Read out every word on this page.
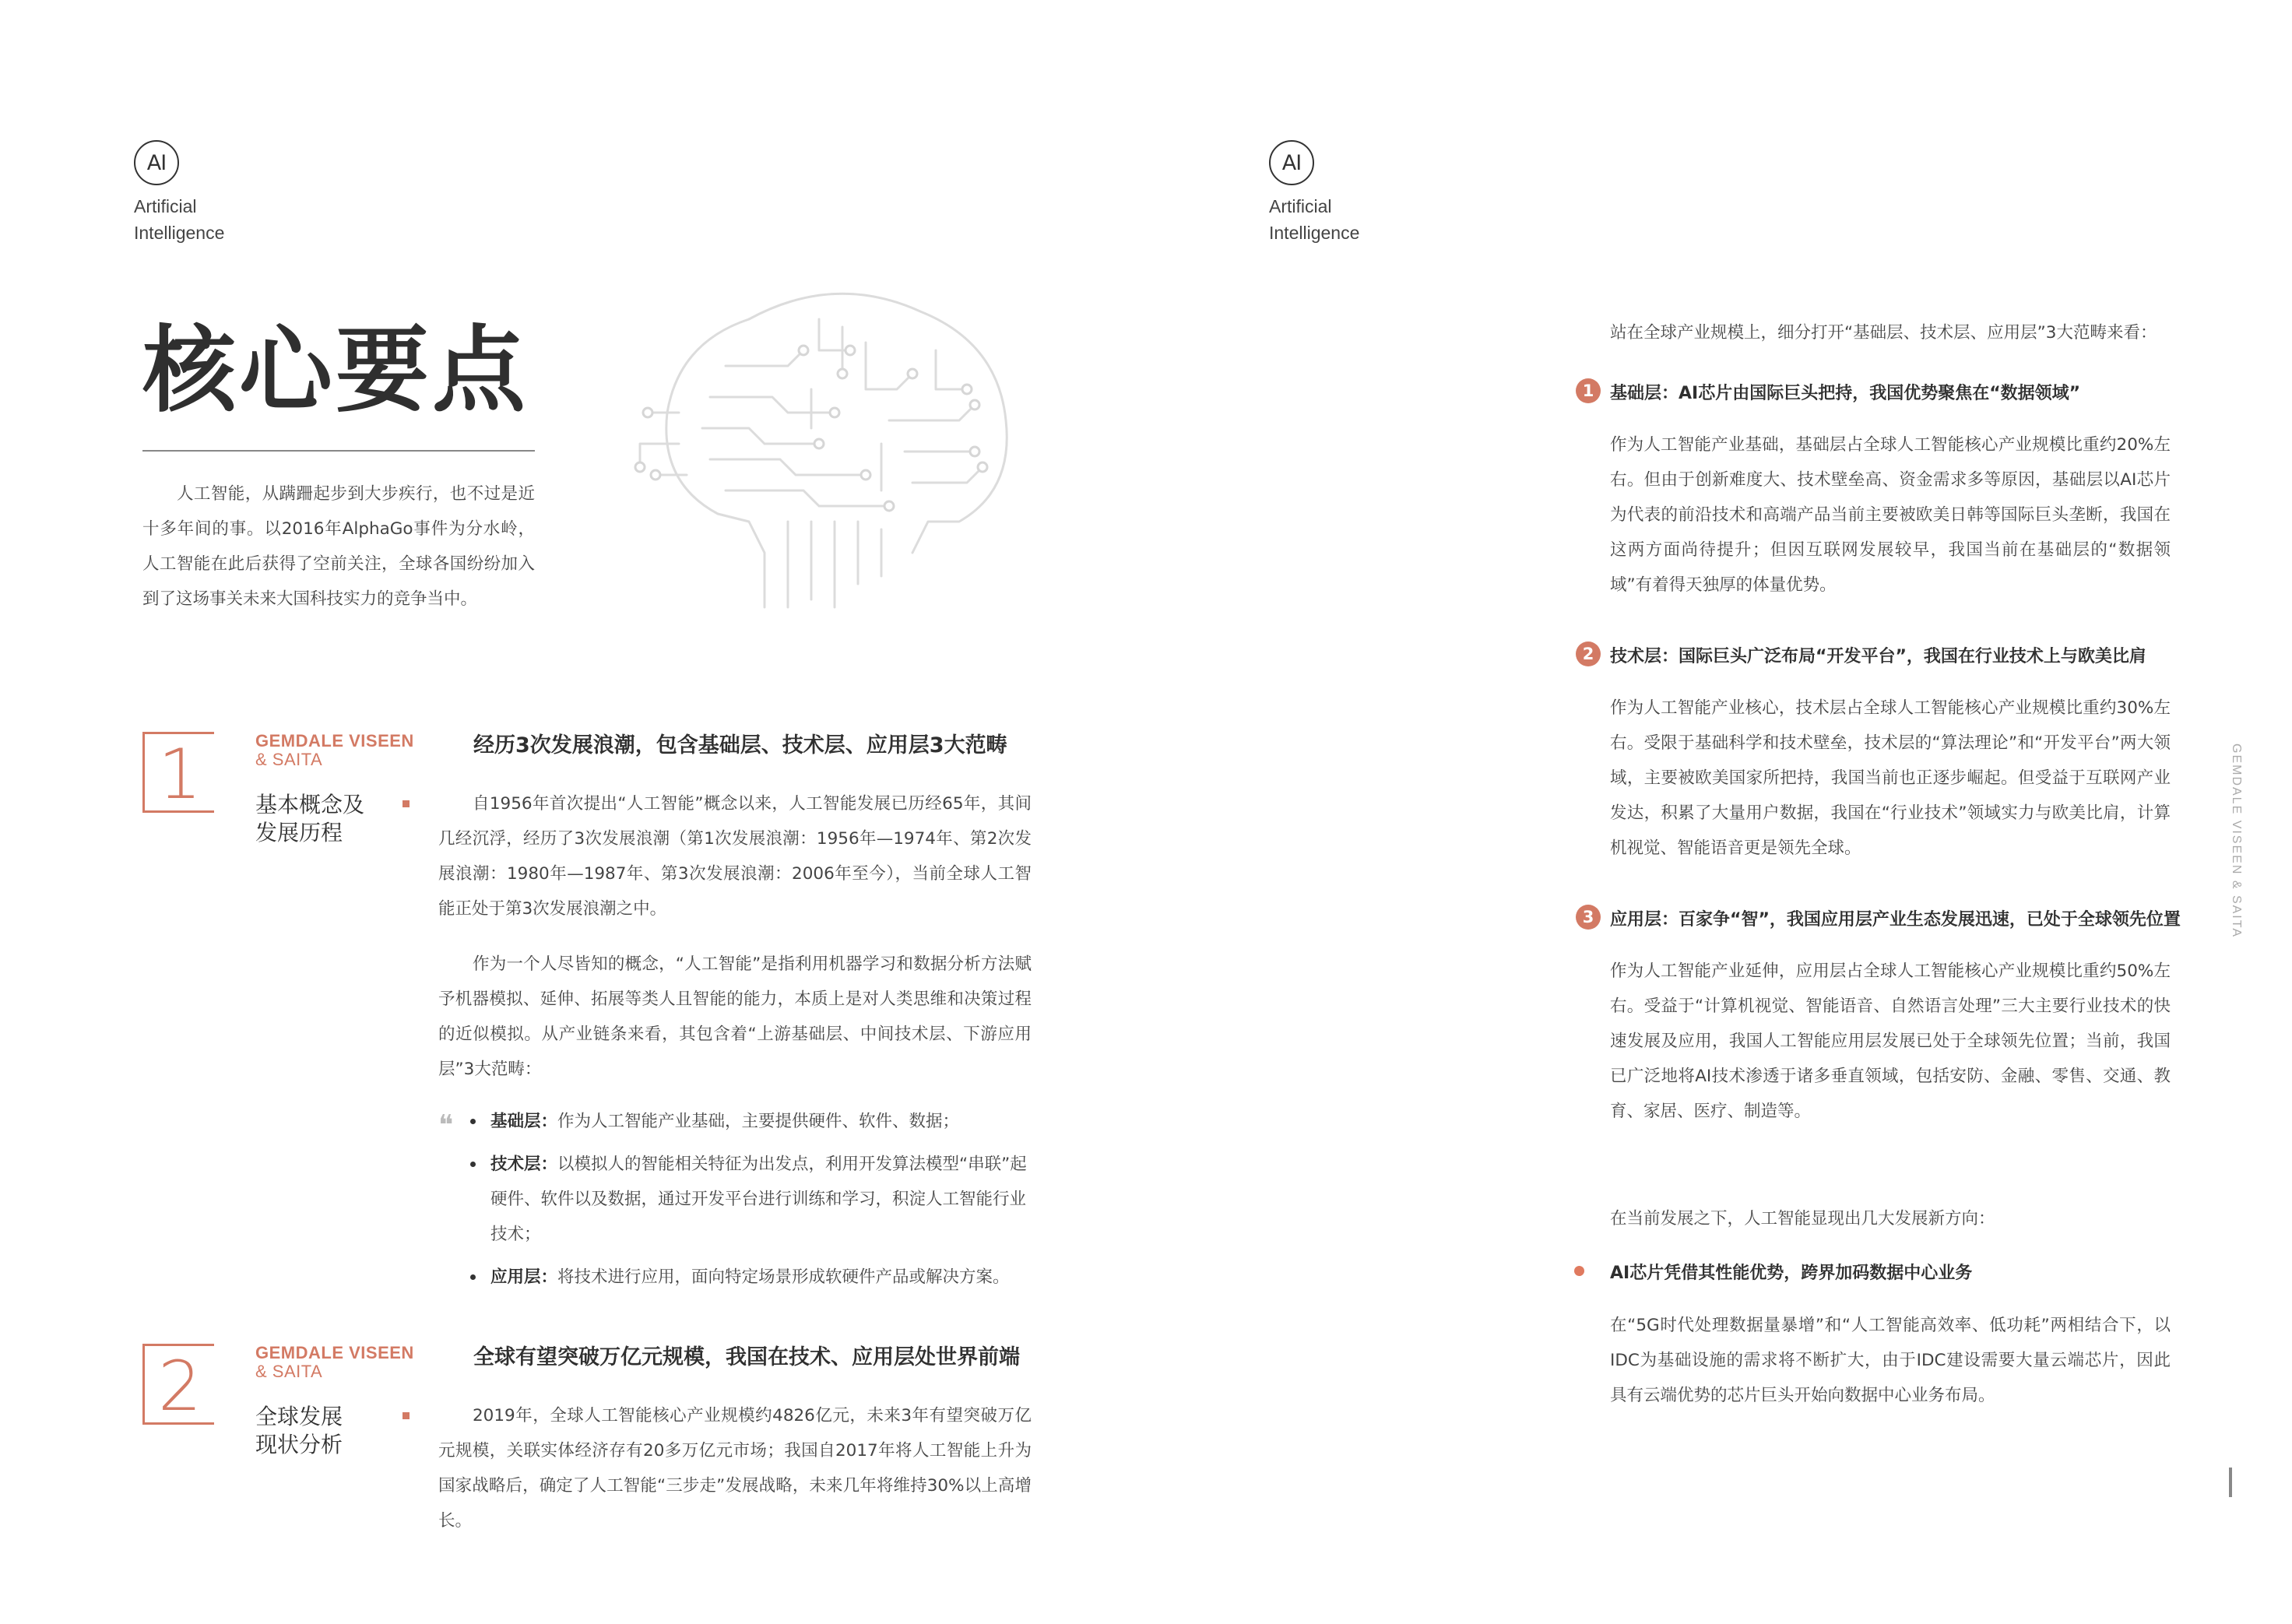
AI
Artificial
Intelligence
核心要点
人工智能，从蹒跚起步到大步疾行，也不过是近十多年间的事。以2016年AlphaGo事件为分水岭，人工智能在此后获得了空前关注，全球各国纷纷加入到了这场事关未来大国科技实力的竞争当中。
1	GEMDALE VISEEN
& SAITA
基本概念及
发展历程
经历3次发展浪潮，包含基础层、技术层、应用层3大范畴
自1956年首次提出“人工智能”概念以来，人工智能发展已历经65年，其间几经沉浮，经历了3次发展浪潮（第1次发展浪潮：1956年—1974年、第2次发展浪潮：1980年—1987年、第3次发展浪潮：2006年至今），当前全球人工智能正处于第3次发展浪潮之中。
作为一个人尽皆知的概念，“人工智能”是指利用机器学习和数据分析方法赋予机器模拟、延伸、拓展等类人且智能的能力，本质上是对人类思维和决策过程的近似模拟。从产业链条来看，其包含着“上游基础层、中间技术层、下游应用层”3大范畴：
❝	基础层：作为人工智能产业基础，主要提供硬件、软件、数据；
技术层：以模拟人的智能相关特征为出发点，利用开发算法模型“串联”起硬件、软件以及数据，通过开发平台进行训练和学习，积淀人工智能行业技术；
应用层：将技术进行应用，面向特定场景形成软硬件产品或解决方案。
2	GEMDALE VISEEN
& SAITA
全球发展
现状分析
全球有望突破万亿元规模，我国在技术、应用层处世界前端
2019年，全球人工智能核心产业规模约4826亿元，未来3年有望突破万亿元规模，关联实体经济存有20多万亿元市场；我国自2017年将人工智能上升为国家战略后，确定了人工智能“三步走”发展战略，未来几年将维持30%以上高增长。
AI
Artificial
Intelligence
站在全球产业规模上，细分打开“基础层、技术层、应用层”3大范畴来看：
1 基础层：AI芯片由国际巨头把持，我国优势聚焦在“数据领域”
作为人工智能产业基础，基础层占全球人工智能核心产业规模比重约20%左右。但由于创新难度大、技术壁垒高、资金需求多等原因，基础层以AI芯片为代表的前沿技术和高端产品当前主要被欧美日韩等国际巨头垄断，我国在这两方面尚待提升；但因互联网发展较早，我国当前在基础层的“数据领域”有着得天独厚的体量优势。
2 技术层：国际巨头广泛布局“开发平台”，我国在行业技术上与欧美比肩
作为人工智能产业核心，技术层占全球人工智能核心产业规模比重约30%左右。受限于基础科学和技术壁垒，技术层的“算法理论”和“开发平台”两大领域，主要被欧美国家所把持，我国当前也正逐步崛起。但受益于互联网产业发达，积累了大量用户数据，我国在“行业技术”领域实力与欧美比肩，计算机视觉、智能语音更是领先全球。
3 应用层：百家争“智”，我国应用层产业生态发展迅速，已处于全球领先位置
作为人工智能产业延伸，应用层占全球人工智能核心产业规模比重约50%左右。受益于“计算机视觉、智能语音、自然语言处理”三大主要行业技术的快速发展及应用，我国人工智能应用层发展已处于全球领先位置；当前，我国已广泛地将AI技术渗透于诸多垂直领域，包括安防、金融、零售、交通、教育、家居、医疗、制造等。
在当前发展之下，人工智能显现出几大发展新方向：
AI芯片凭借其性能优势，跨界加码数据中心业务
在“5G时代处理数据量暴增”和“人工智能高效率、低功耗”两相结合下，以IDC为基础设施的需求将不断扩大，由于IDC建设需要大量云端芯片，因此具有云端优势的芯片巨头开始向数据中心业务布局。
GEMDALE VISEEN & SAITA
